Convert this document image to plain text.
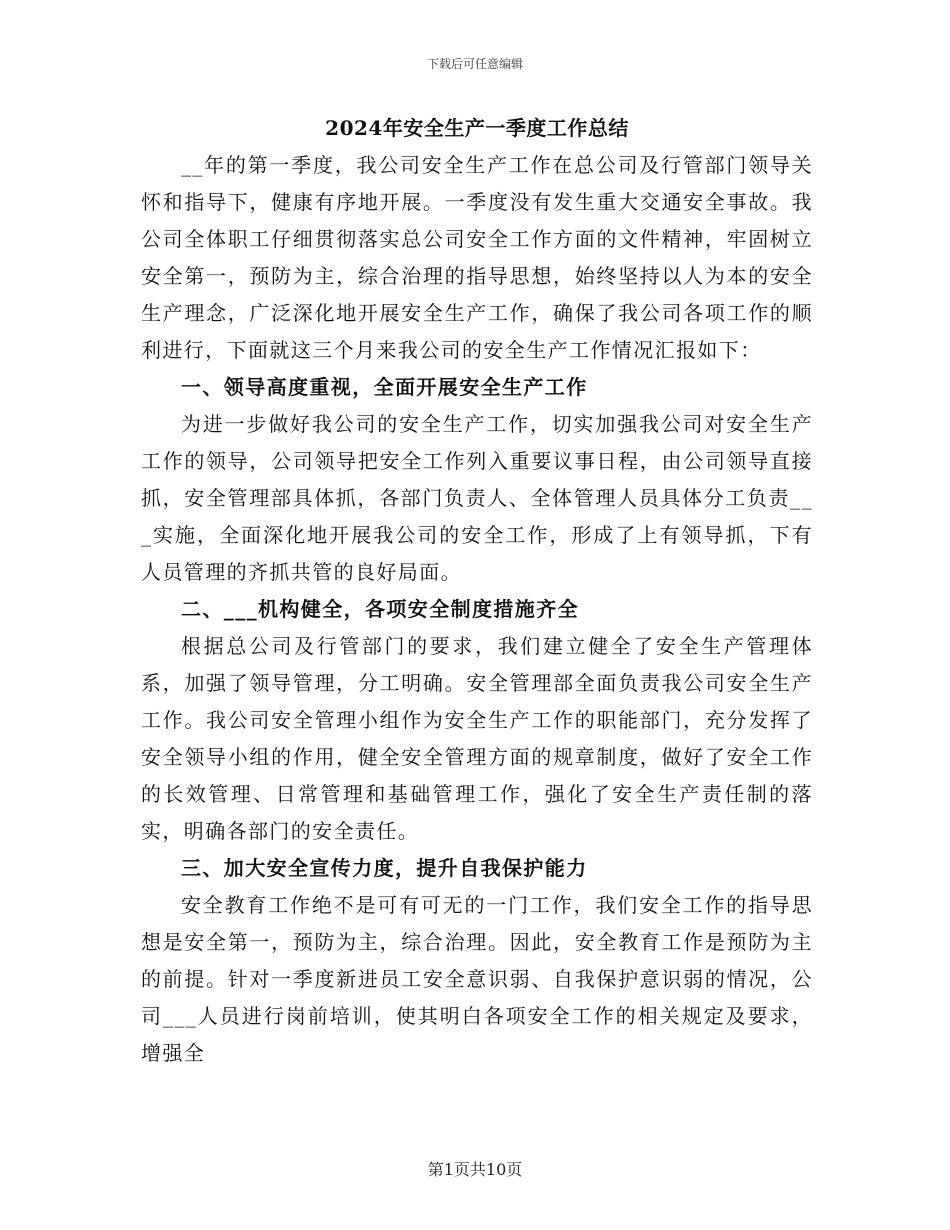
下载后可任意编辑
2024年安全生产一季度工作总结

__年的第一季度，我公司安全生产工作在总公司及行管部门领导关怀和指导下，健康有序地开展。一季度没有发生重大交通安全事故。我公司全体职工仔细贯彻落实总公司安全工作方面的文件精神，牢固树立安全第一，预防为主，综合治理的指导思想，始终坚持以人为本的安全生产理念，广泛深化地开展安全生产工作，确保了我公司各项工作的顺利进行，下面就这三个月来我公司的安全生产工作情况汇报如下：

一、领导高度重视，全面开展安全生产工作

为进一步做好我公司的安全生产工作，切实加强我公司对安全生产工作的领导，公司领导把安全工作列入重要议事日程，由公司领导直接抓，安全管理部具体抓，各部门负责人、全体管理人员具体分工负责___实施，全面深化地开展我公司的安全工作，形成了上有领导抓，下有人员管理的齐抓共管的良好局面。

二、___机构健全，各项安全制度措施齐全

根据总公司及行管部门的要求，我们建立健全了安全生产管理体系，加强了领导管理，分工明确。安全管理部全面负责我公司安全生产工作。我公司安全管理小组作为安全生产工作的职能部门，充分发挥了安全领导小组的作用，健全安全管理方面的规章制度，做好了安全工作的长效管理、日常管理和基础管理工作，强化了安全生产责任制的落实，明确各部门的安全责任。

三、加大安全宣传力度，提升自我保护能力

安全教育工作绝不是可有可无的一门工作，我们安全工作的指导思想是安全第一，预防为主，综合治理。因此，安全教育工作是预防为主的前提。针对一季度新进员工安全意识弱、自我保护意识弱的情况，公司___人员进行岗前培训，使其明白各项安全工作的相关规定及要求，增强全

第1页共10页
